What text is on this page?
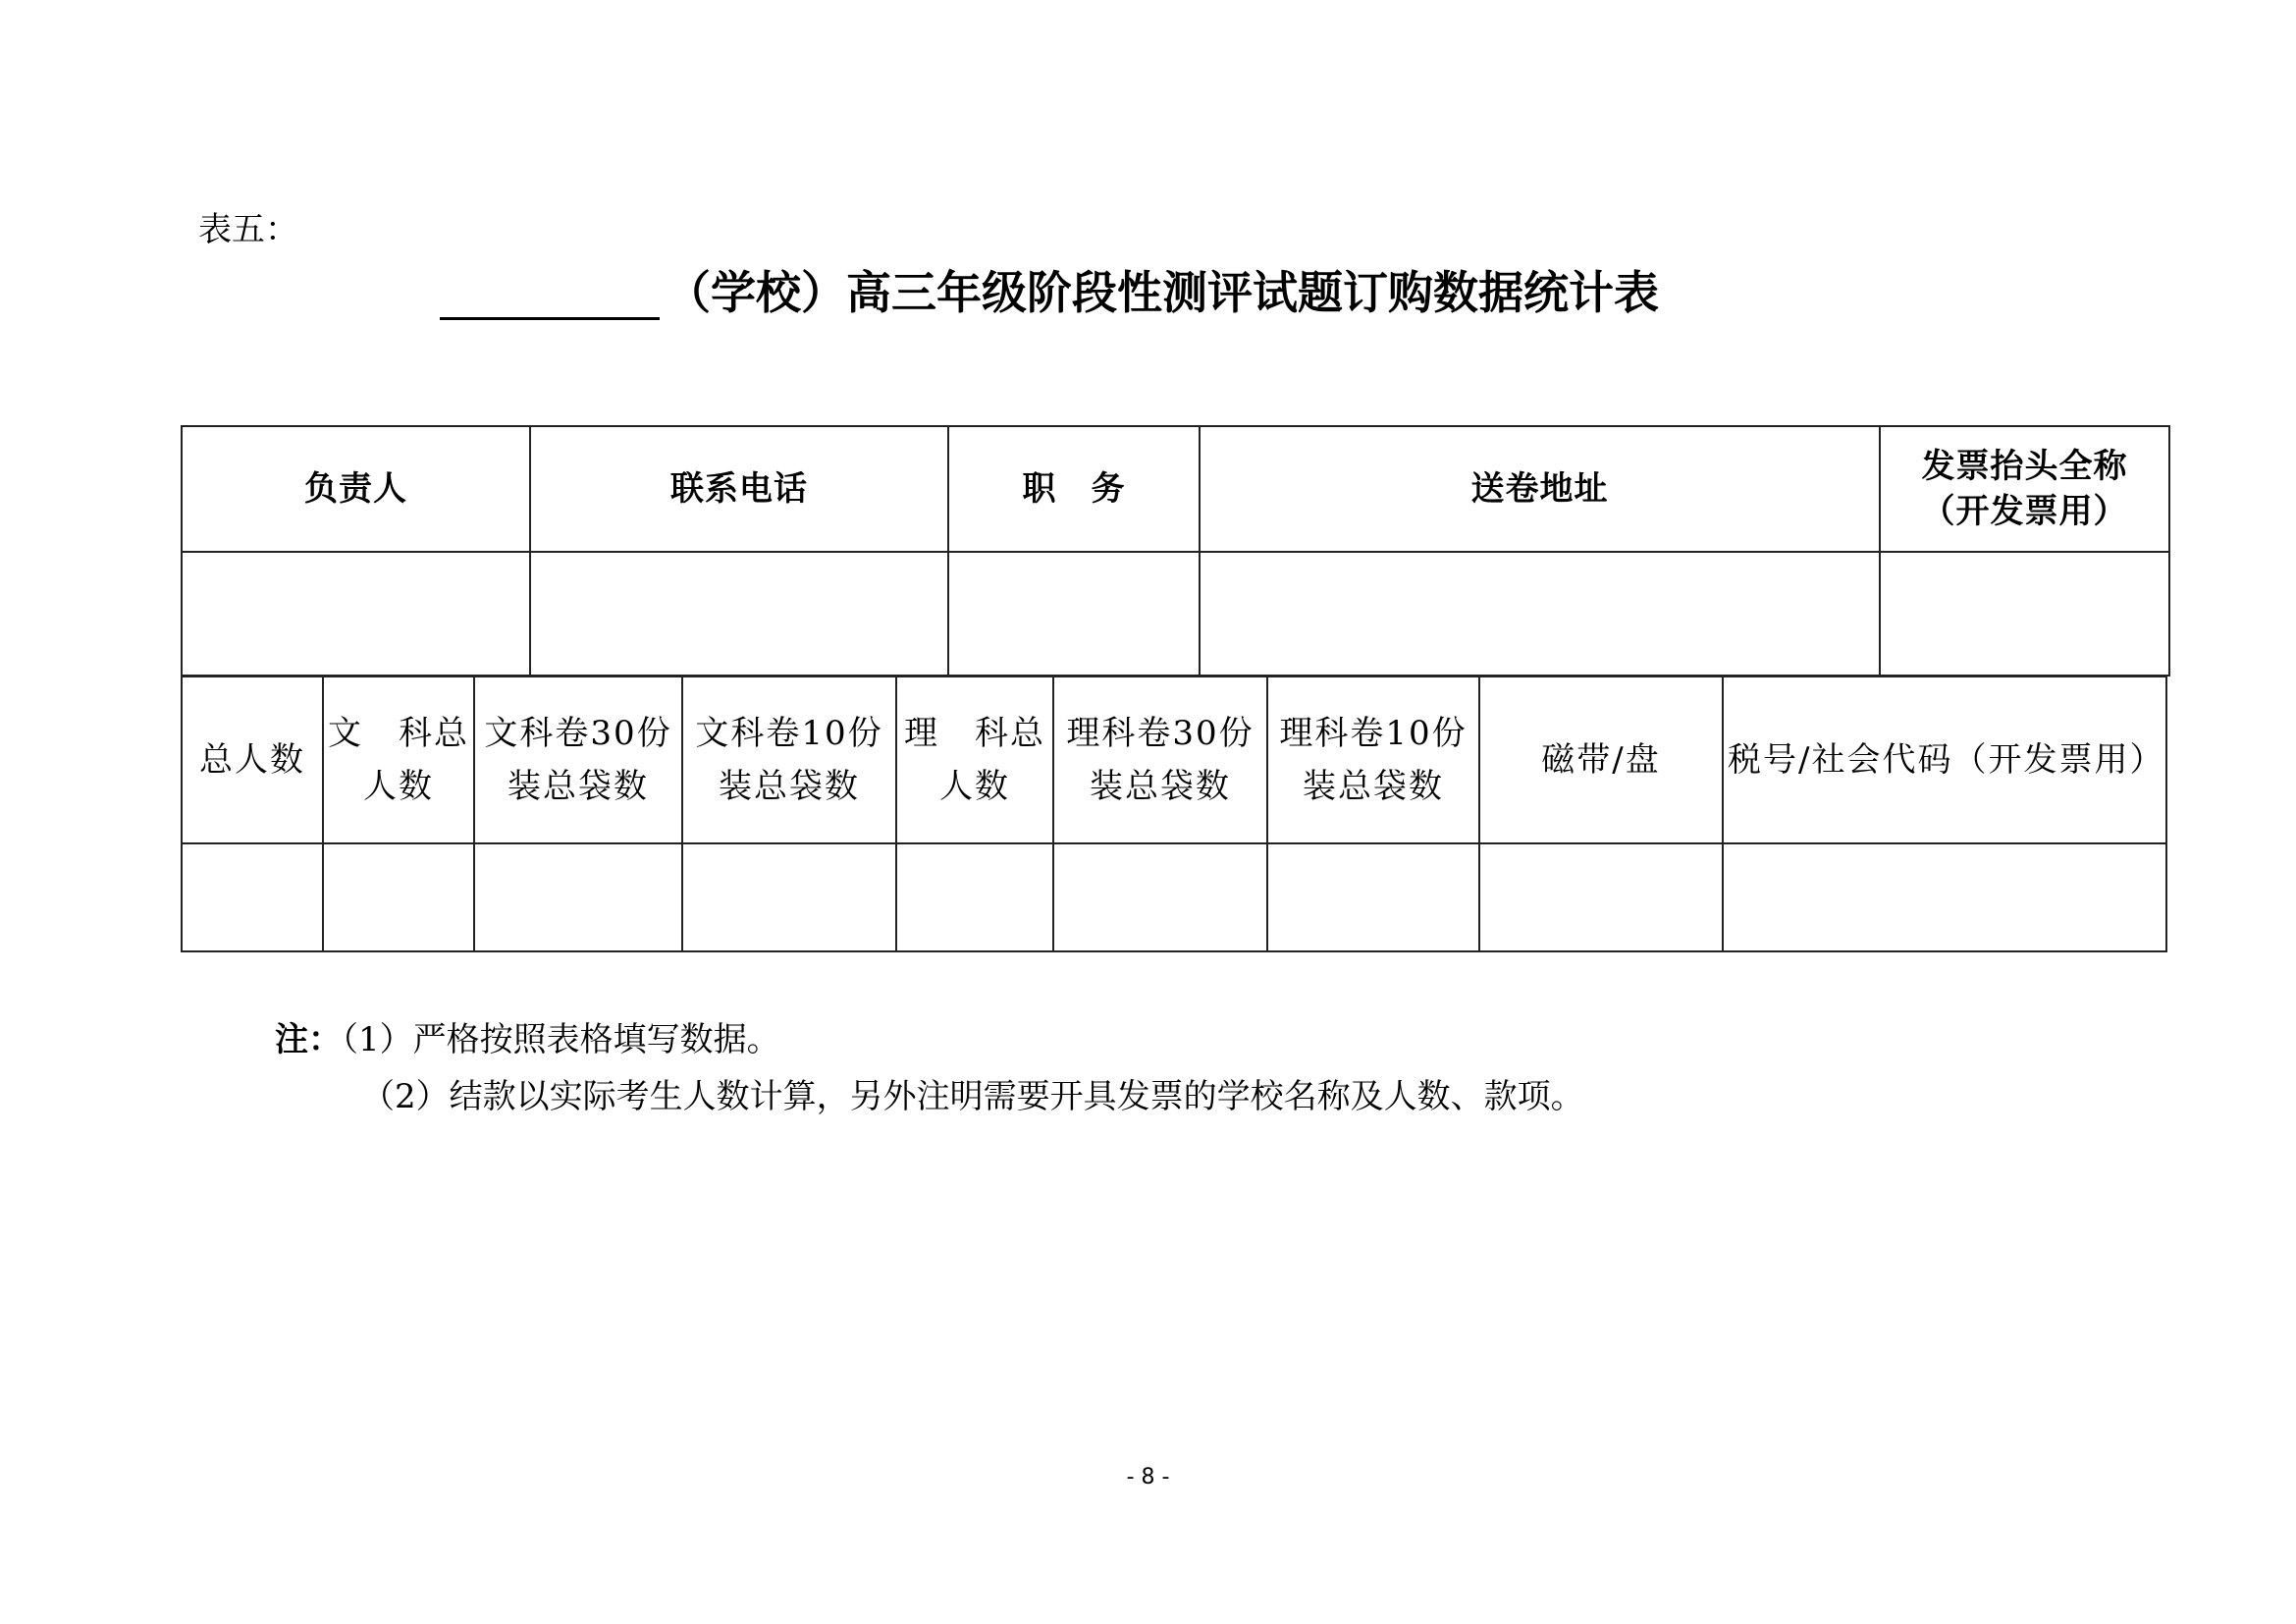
表五：
（学校）高三年级阶段性测评试题订购数据统计表
负责人	联系电话	职　务	送卷地址	发票抬头全称
（开发票用）

总人数	文　科总人数	文科卷30份装总袋数	文科卷10份装总袋数	理　科总人数	理科卷30份装总袋数	理科卷10份装总袋数	磁带/盘	税号/社会代码（开发票用）

注：（1）严格按照表格填写数据。
（2）结款以实际考生人数计算，另外注明需要开具发票的学校名称及人数、款项。
- 8 -
